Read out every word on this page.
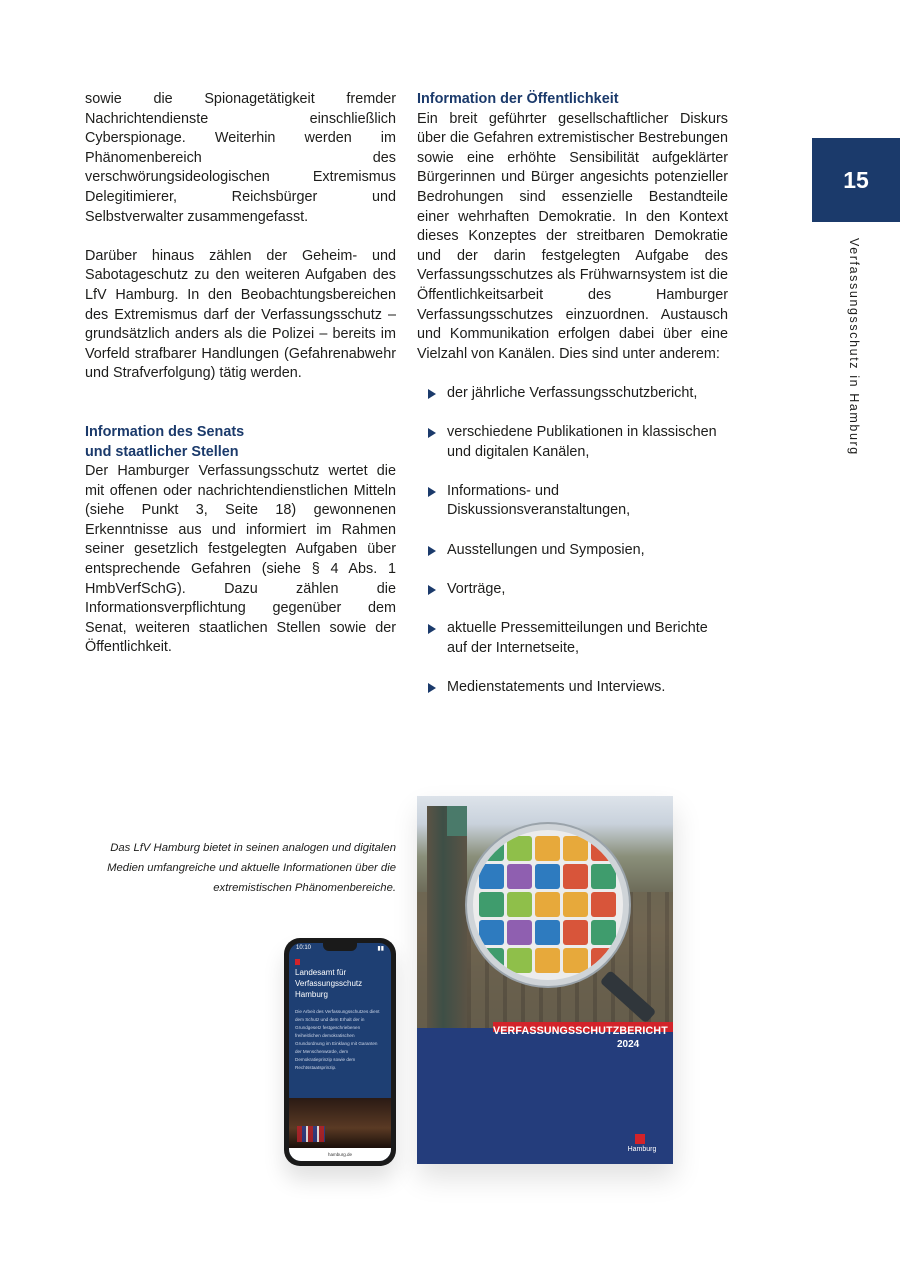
sowie die Spionagetätigkeit fremder Nachrichtendienste einschließlich Cyberspionage. Weiterhin werden im Phänomenbereich des verschwörungsideologischen Extremismus Delegitimierer, Reichsbürger und Selbstverwalter zusammengefasst.

Darüber hinaus zählen der Geheim- und Sabotageschutz zu den weiteren Aufgaben des LfV Hamburg. In den Beobachtungsbereichen des Extremismus darf der Verfassungsschutz – grundsätzlich anders als die Polizei – bereits im Vorfeld strafbarer Handlungen (Gefahrenabwehr und Strafverfolgung) tätig werden.

Information des Senats
und staatlicher Stellen

Der Hamburger Verfassungsschutz wertet die mit offenen oder nachrichtendienstlichen Mitteln (siehe Punkt 3, Seite 18) gewonnenen Erkenntnisse aus und informiert im Rahmen seiner gesetzlich festgelegten Aufgaben über entsprechende Gefahren (siehe § 4 Abs. 1 HmbVerfSchG). Dazu zählen die Informationsverpflichtung gegenüber dem Senat, weiteren staatlichen Stellen sowie der Öffentlichkeit.

Information der Öffentlichkeit

Ein breit geführter gesellschaftlicher Diskurs über die Gefahren extremistischer Bestrebungen sowie eine erhöhte Sensibilität aufgeklärter Bürgerinnen und Bürger angesichts potenzieller Bedrohungen sind essenzielle Bestandteile einer wehrhaften Demokratie. In den Kontext dieses Konzeptes der streitbaren Demokratie und der darin festgelegten Aufgabe des Verfassungsschutzes als Frühwarnsystem ist die Öffentlichkeitsarbeit des Hamburger Verfassungsschutzes einzuordnen. Austausch und Kommunikation erfolgen dabei über eine Vielzahl von Kanälen. Dies sind unter anderem:

der jährliche Verfassungsschutzbericht,
verschiedene Publikationen in klassischen und digitalen Kanälen,
Informations- und Diskussionsveranstaltungen,
Ausstellungen und Symposien,
Vorträge,
aktuelle Pressemitteilungen und Berichte auf der Internetseite,
Medienstatements und Interviews.
15
Verfassungsschutz in Hamburg
Das LfV Hamburg bietet in seinen analogen und digitalen Medien umfangreiche und aktuelle Informationen über die extremistischen Phänomenbereiche.
10:10	▮▮
Landesamt für Verfassungsschutz Hamburg
Die Arbeit des Verfassungsschutzes dient dem Schutz und dem Erhalt der in Grundgesetz festgeschriebenen freiheitlichen demokratischen Grundordnung im Einklang mit Garanten der Menschenwürde, dem Demokratieprinzip sowie dem Rechtsstaatsprinzip.
hamburg.de
VERFASSUNGSSCHUTZBERICHT
2024
Hamburg
